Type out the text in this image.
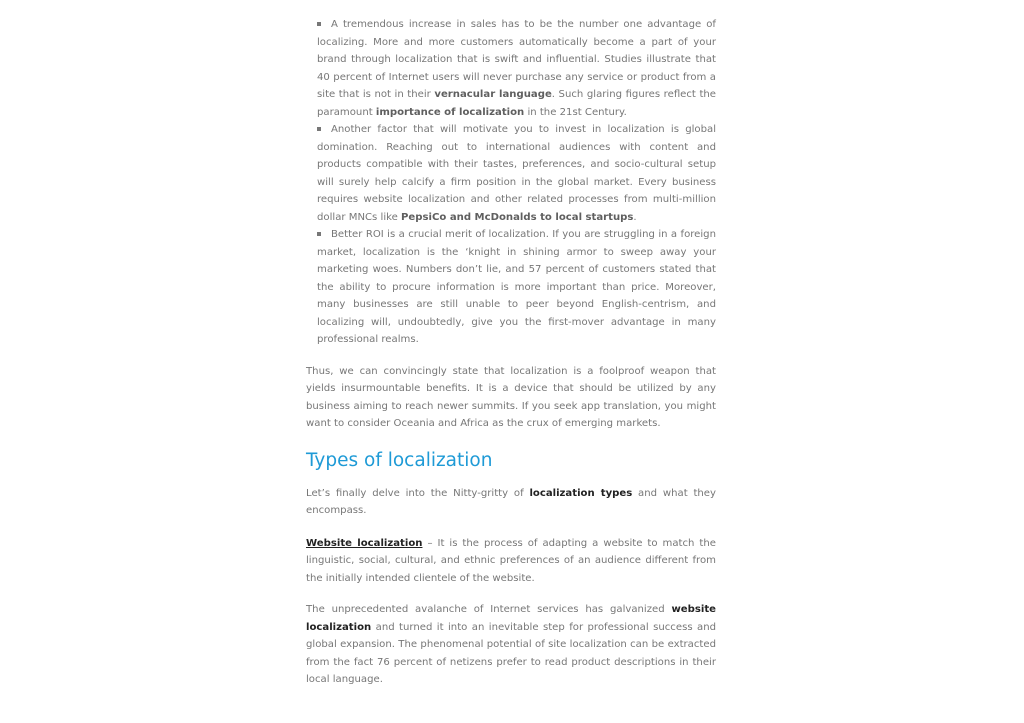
A tremendous increase in sales has to be the number one advantage of localizing. More and more customers automatically become a part of your brand through localization that is swift and influential. Studies illustrate that 40 percent of Internet users will never purchase any service or product from a site that is not in their vernacular language. Such glaring figures reflect the paramount importance of localization in the 21st Century.
Another factor that will motivate you to invest in localization is global domination. Reaching out to international audiences with content and products compatible with their tastes, preferences, and socio-cultural setup will surely help calcify a firm position in the global market. Every business requires website localization and other related processes from multi-million dollar MNCs like PepsiCo and McDonalds to local startups.
Better ROI is a crucial merit of localization. If you are struggling in a foreign market, localization is the ‘knight in shining armor to sweep away your marketing woes. Numbers don’t lie, and 57 percent of customers stated that the ability to procure information is more important than price. Moreover, many businesses are still unable to peer beyond English-centrism, and localizing will, undoubtedly, give you the first-mover advantage in many professional realms.

Thus, we can convincingly state that localization is a foolproof weapon that yields insurmountable benefits. It is a device that should be utilized by any business aiming to reach newer summits. If you seek app translation, you might want to consider Oceania and Africa as the crux of emerging markets.

Types of localization

Let’s finally delve into the Nitty-gritty of localization types and what they encompass.

Website localization – It is the process of adapting a website to match the linguistic, social, cultural, and ethnic preferences of an audience different from the initially intended clientele of the website.

The unprecedented avalanche of Internet services has galvanized website localization and turned it into an inevitable step for professional success and global expansion. The phenomenal potential of site localization can be extracted from the fact 76 percent of netizens prefer to read product descriptions in their local language.
